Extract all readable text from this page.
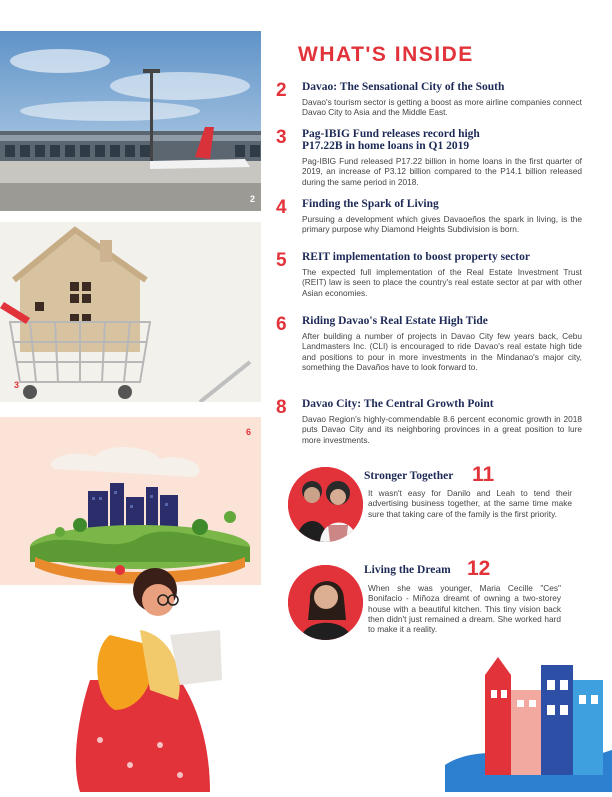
2
3
6
WHAT'S INSIDE
2 Davao: The Sensational City of the South
Davao's tourism sector is getting a boost as more airline companies connect Davao City to Asia and the Middle East.
3 Pag-IBIG Fund releases record high P17.22B in home loans in Q1 2019
Pag-IBIG Fund released P17.22 billion in home loans in the first quarter of 2019, an increase of P3.12 billion compared to the P14.1 billion released during the same period in 2018.
4 Finding the Spark of Living
Pursuing a development which gives Davaoeños the spark in living, is the primary purpose why Diamond Heights Subdivision is born.
5 REIT implementation to boost property sector
The expected full implementation of the Real Estate Investment Trust (REIT) law is seen to place the country's real estate sector at par with other Asian economies.
6 Riding Davao's Real Estate High Tide
After building a number of projects in Davao City few years back, Cebu Landmasters Inc. (CLI) is encouraged to ride Davao's real estate high tide and positions to pour in more investments in the Mindanao's major city, something the Davaños have to look forward to.
8 Davao City: The Central Growth Point
Davao Region's highly-commendable 8.6 percent economic growth in 2018 puts Davao City and its neighboring provinces in a great position to lure more investments.
Stronger Together 11
It wasn't easy for Danilo and Leah to tend their advertising business together, at the same time make sure that taking care of the family is the first priority.
Living the Dream 12
When she was younger, Maria Cecille "Ces" Bonifacio - Miñoza dreamt of owning a two-storey house with a beautiful kitchen. This tiny vision back then didn't just remained a dream. She worked hard to make it a reality.
